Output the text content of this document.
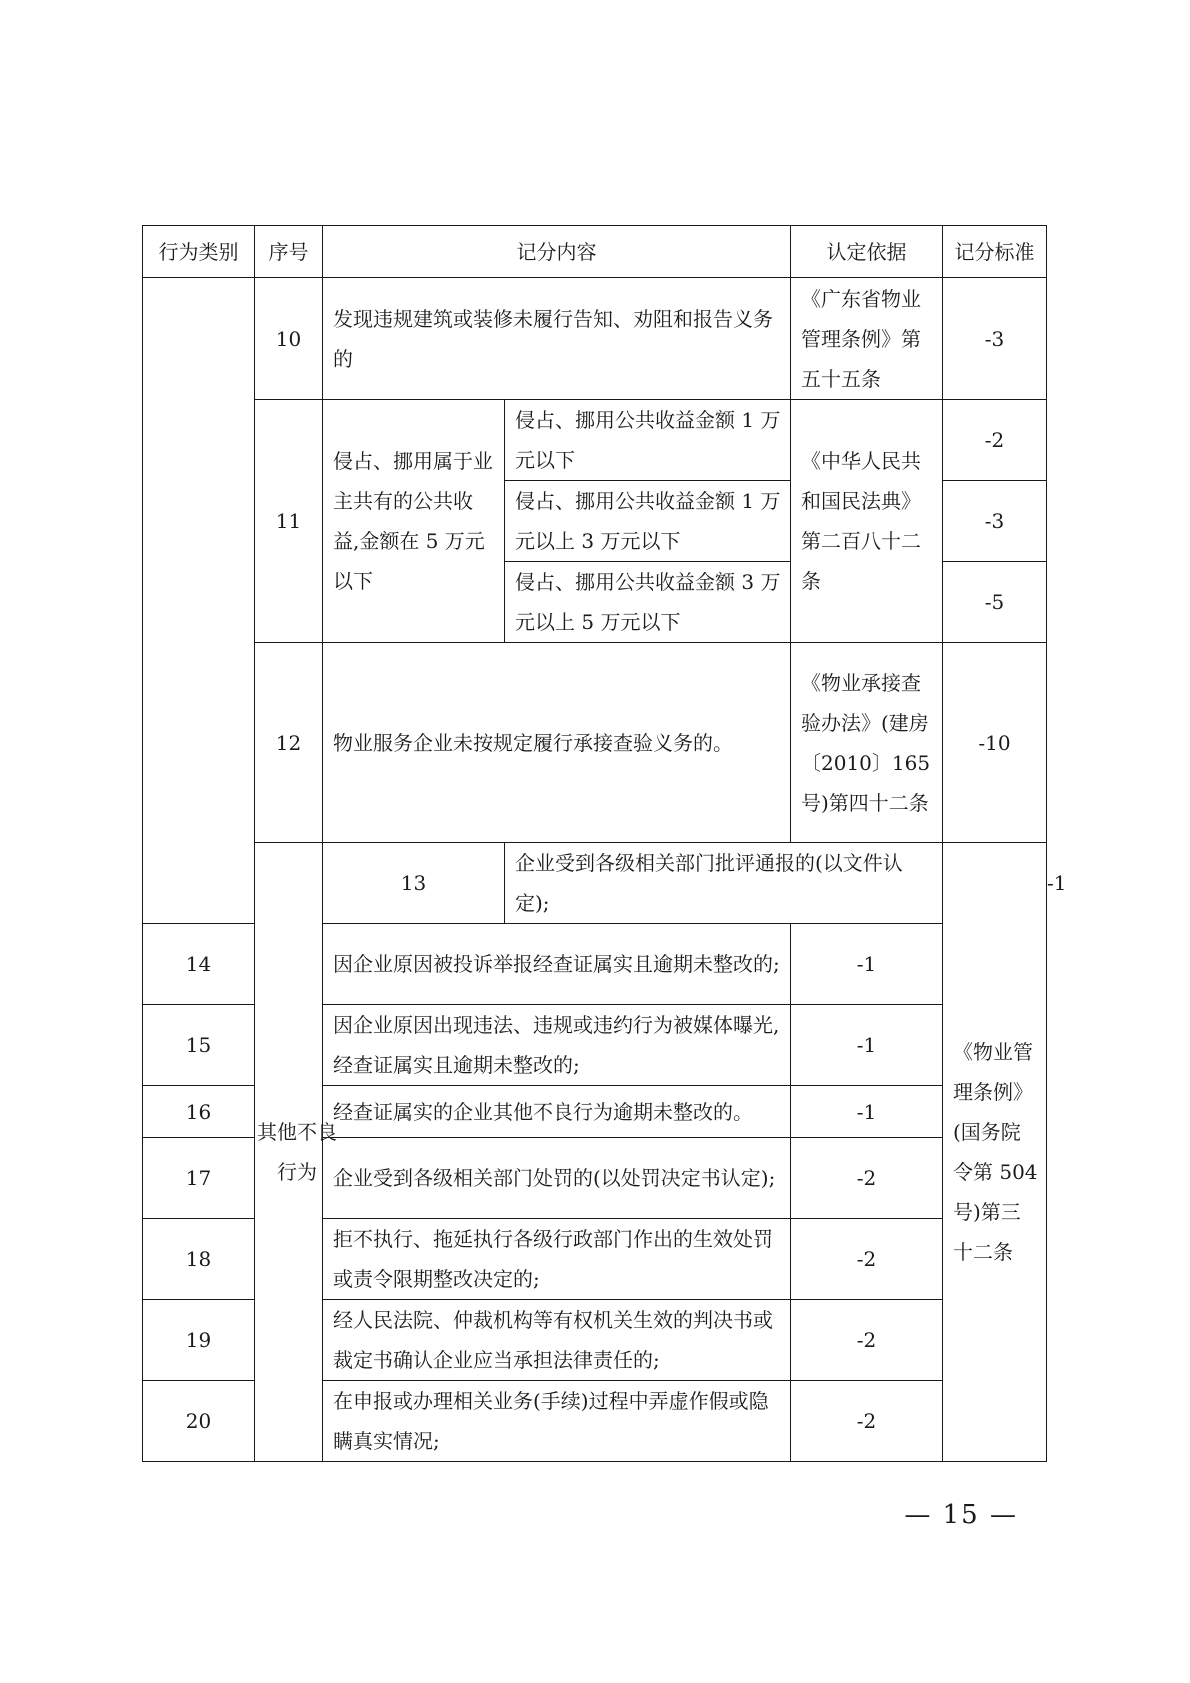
行为类别	序号	记分内容		认定依据	记分标准	
	10	发现违规建筑或装修未履行告知、劝阻和报告义务的		《广东省物业管理条例》第五十五条	-3	
	11	侵占、挪用属于业主共有的公共收益,金额在 5 万元以下	侵占、挪用公共收益金额 1 万元以下	《中华人民共和国民法典》第二百八十二条	-2	
			侵占、挪用公共收益金额 1 万元以上 3 万元以下		-3	
			侵占、挪用公共收益金额 3 万元以上 5 万元以下		-5	
	12	物业服务企业未按规定履行承接查验义务的。		《物业承接查验办法》(建房〔2010〕165 号)第四十二条	-10	
	其他不良行为	13	企业受到各级相关部门批评通报的(以文件认定);		《物业管理条例》(国务院令第 504 号)第三十二条	-1
14		因企业原因被投诉举报经查证属实且逾期未整改的;		-1		
15		因企业原因出现违法、违规或违约行为被媒体曝光,经查证属实且逾期未整改的;		-1		
16		经查证属实的企业其他不良行为逾期未整改的。		-1		
17		企业受到各级相关部门处罚的(以处罚决定书认定);		-2		
18		拒不执行、拖延执行各级行政部门作出的生效处罚或责令限期整改决定的;		-2		
19		经人民法院、仲裁机构等有权机关生效的判决书或裁定书确认企业应当承担法律责任的;		-2		
20		在申报或办理相关业务(手续)过程中弄虚作假或隐瞒真实情况;		-2		
— 15 —
